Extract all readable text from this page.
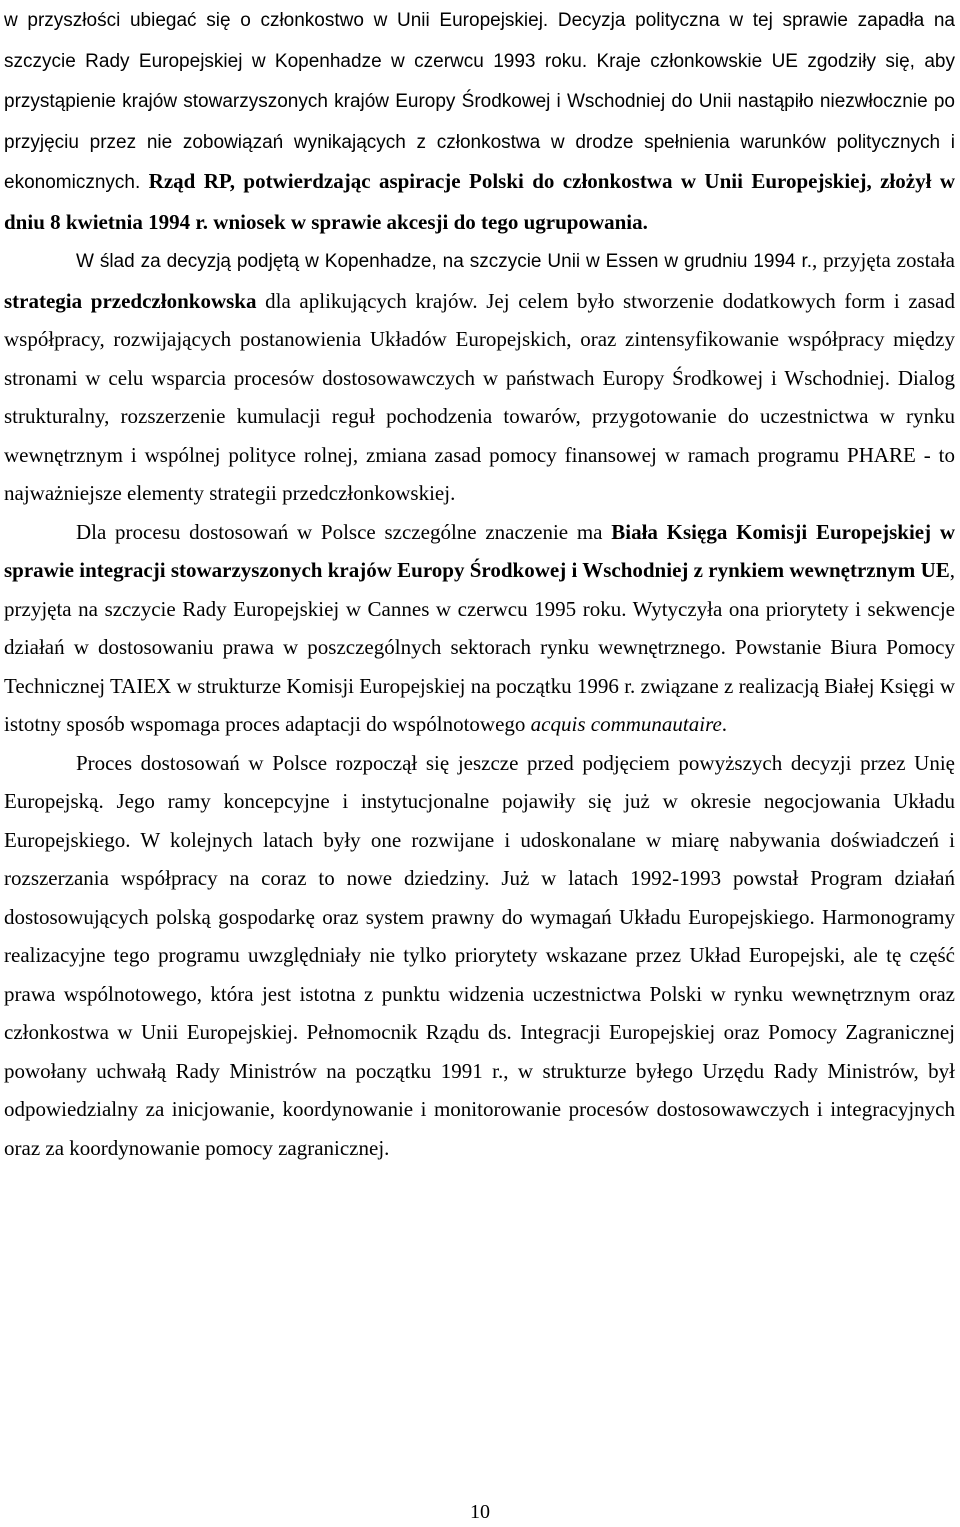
w przyszłości ubiegać się o członkostwo w Unii Europejskiej. Decyzja polityczna w tej sprawie zapadła na szczycie Rady Europejskiej w Kopenhadze w czerwcu 1993 roku. Kraje członkowskie UE zgodziły się, aby przystąpienie krajów stowarzyszonych krajów Europy Środkowej i Wschodniej do Unii nastąpiło niezwłocznie po przyjęciu przez nie zobowiązań wynikających z członkostwa w drodze spełnienia warunków politycznych i ekonomicznych. Rząd RP, potwierdzając aspiracje Polski do członkostwa w Unii Europejskiej, złożył w dniu 8 kwietnia 1994 r. wniosek w sprawie akcesji do tego ugrupowania.

W ślad za decyzją podjętą w Kopenhadze, na szczycie Unii w Essen w grudniu 1994 r., przyjęta została strategia przedczłonkowska dla aplikujących krajów. Jej celem było stworzenie dodatkowych form i zasad współpracy, rozwijających postanowienia Układów Europejskich, oraz zintensyfikowanie współpracy między stronami w celu wsparcia procesów dostosowawczych w państwach Europy Środkowej i Wschodniej. Dialog strukturalny, rozszerzenie kumulacji reguł pochodzenia towarów, przygotowanie do uczestnictwa w rynku wewnętrznym i wspólnej polityce rolnej, zmiana zasad pomocy finansowej w ramach programu PHARE - to najważniejsze elementy strategii przedczłonkowskiej.

Dla procesu dostosowań w Polsce szczególne znaczenie ma Biała Księga Komisji Europejskiej w sprawie integracji stowarzyszonych krajów Europy Środkowej i Wschodniej z rynkiem wewnętrznym UE, przyjęta na szczycie Rady Europejskiej w Cannes w czerwcu 1995 roku. Wytyczyła ona priorytety i sekwencje działań w dostosowaniu prawa w poszczególnych sektorach rynku wewnętrznego. Powstanie Biura Pomocy Technicznej TAIEX w strukturze Komisji Europejskiej na początku 1996 r. związane z realizacją Białej Księgi w istotny sposób wspomaga proces adaptacji do wspólnotowego acquis communautaire.

Proces dostosowań w Polsce rozpoczął się jeszcze przed podjęciem powyższych decyzji przez Unię Europejską. Jego ramy koncepcyjne i instytucjonalne pojawiły się już w okresie negocjowania Układu Europejskiego. W kolejnych latach były one rozwijane i udoskonalane w miarę nabywania doświadczeń i rozszerzania współpracy na coraz to nowe dziedziny. Już w latach 1992-1993 powstał Program działań dostosowujących polską gospodarkę oraz system prawny do wymagań Układu Europejskiego. Harmonogramy realizacyjne tego programu uwzględniały nie tylko priorytety wskazane przez Układ Europejski, ale tę część prawa wspólnotowego, która jest istotna z punktu widzenia uczestnictwa Polski w rynku wewnętrznym oraz członkostwa w Unii Europejskiej. Pełnomocnik Rządu ds. Integracji Europejskiej oraz Pomocy Zagranicznej powołany uchwałą Rady Ministrów na początku 1991 r., w strukturze byłego Urzędu Rady Ministrów, był odpowiedzialny za inicjowanie, koordynowanie i monitorowanie procesów dostosowawczych i integracyjnych oraz za koordynowanie pomocy zagranicznej.

10
